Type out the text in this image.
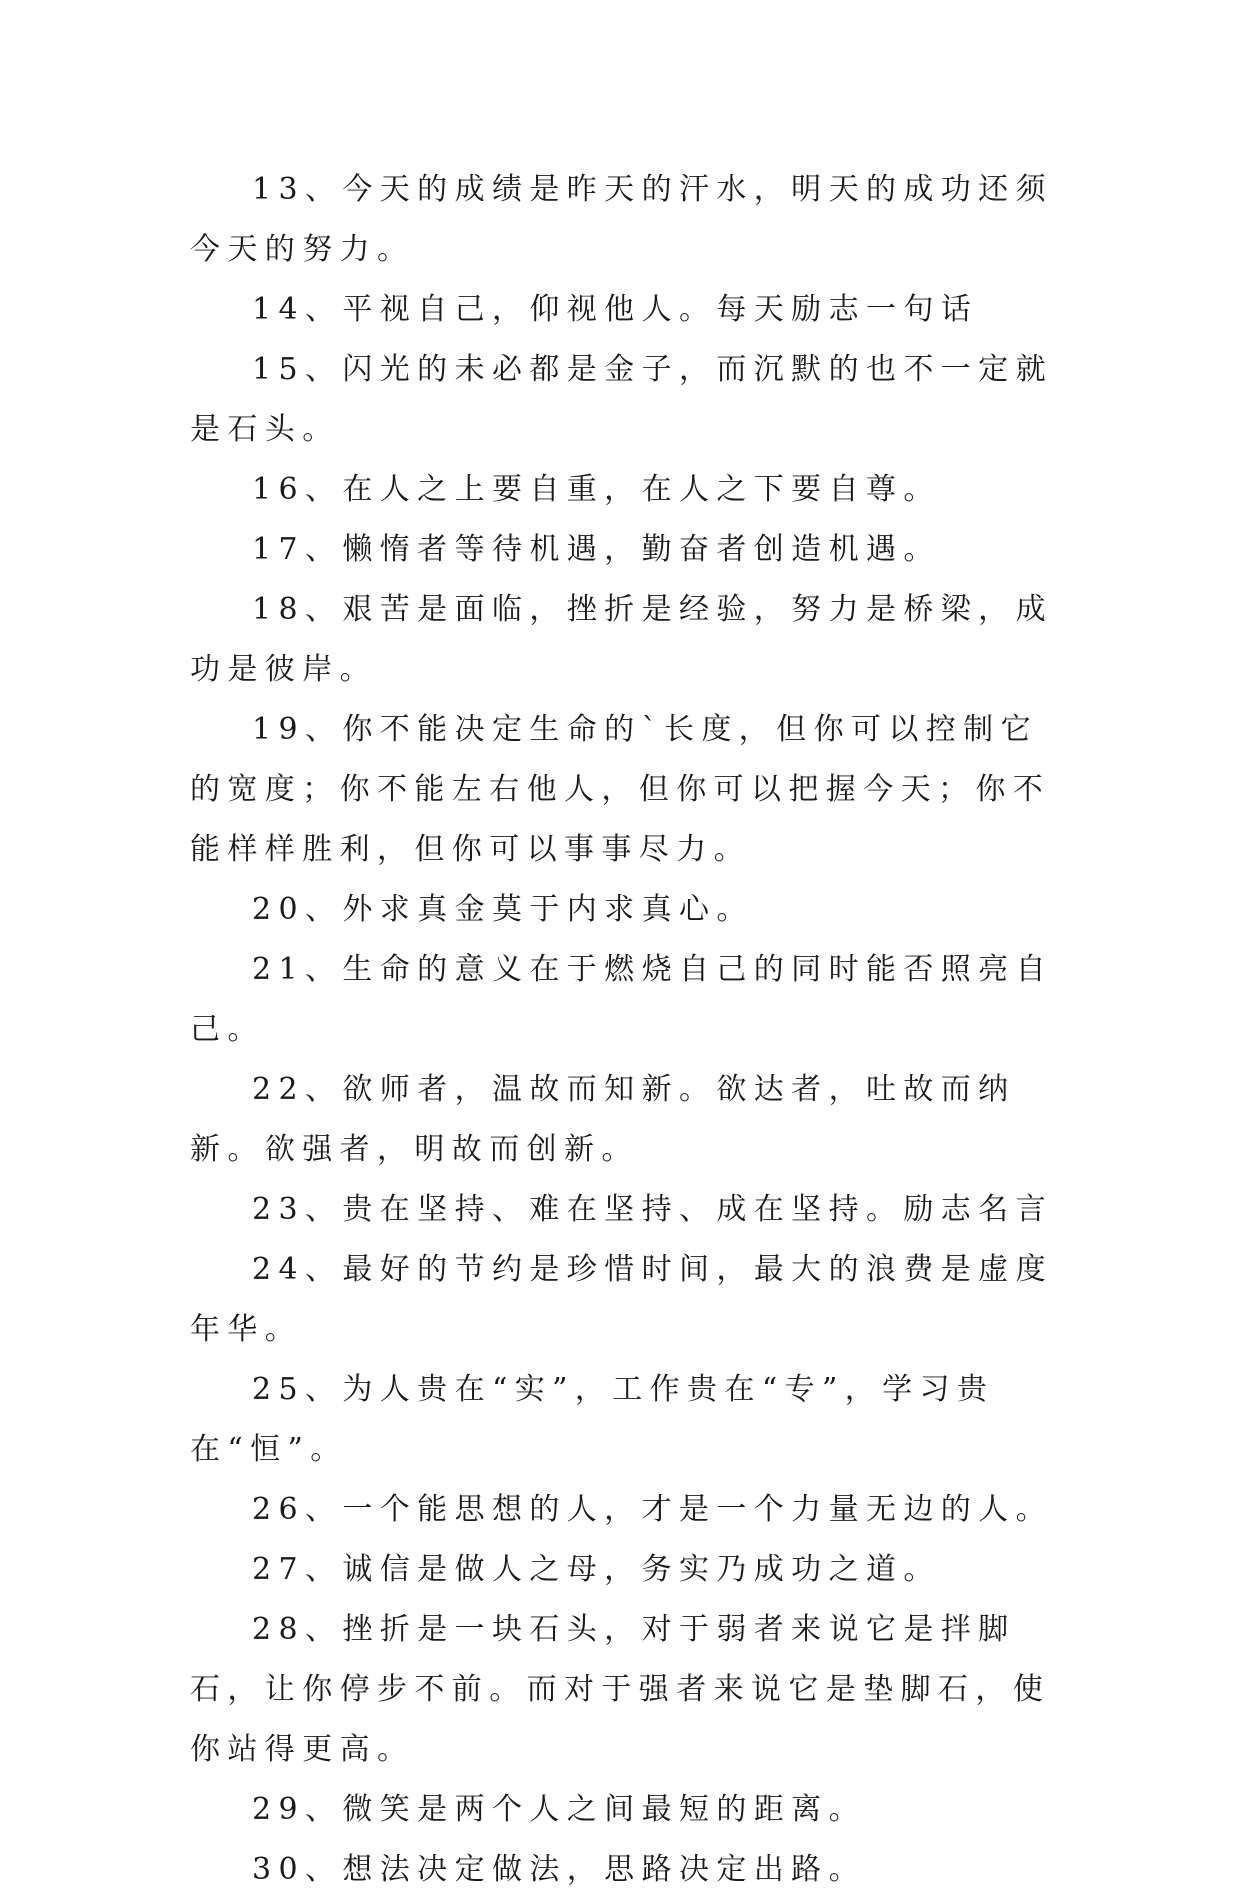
13、今天的成绩是昨天的汗水，明天的成功还须今天的努力。

14、平视自己，仰视他人。每天励志一句话

15、闪光的未必都是金子，而沉默的也不一定就是石头。

16、在人之上要自重，在人之下要自尊。

17、懒惰者等待机遇，勤奋者创造机遇。

18、艰苦是面临，挫折是经验，努力是桥梁，成功是彼岸。

19、你不能决定生命的`长度，但你可以控制它的宽度；你不能左右他人，但你可以把握今天；你不能样样胜利，但你可以事事尽力。

20、外求真金莫于内求真心。

21、生命的意义在于燃烧自己的同时能否照亮自己。

22、欲师者，温故而知新。欲达者，吐故而纳新。欲强者，明故而创新。

23、贵在坚持、难在坚持、成在坚持。励志名言

24、最好的节约是珍惜时间，最大的浪费是虚度年华。

25、为人贵在“实”，工作贵在“专”，学习贵在“恒”。

26、一个能思想的人，才是一个力量无边的人。

27、诚信是做人之母，务实乃成功之道。

28、挫折是一块石头，对于弱者来说它是拌脚石，让你停步不前。而对于强者来说它是垫脚石，使你站得更高。

29、微笑是两个人之间最短的距离。

30、想法决定做法，思路决定出路。
